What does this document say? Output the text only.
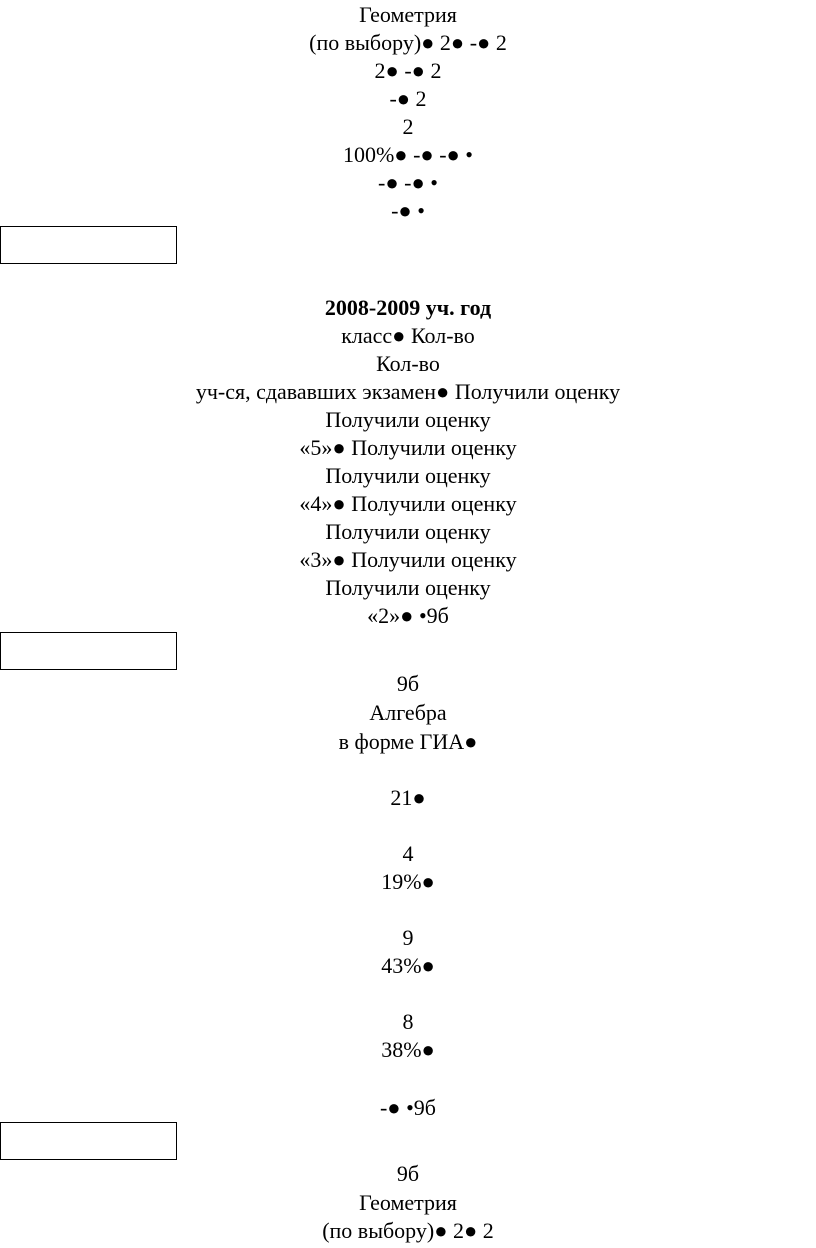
Геометрия
(по выбору)● 2● -● 2
2● -● 2
-● 2
2
100%● -● -● •
-● -● •
-● •
2008-2009 уч. год
класс● Кол-во
Кол-во
уч-ся, сдававших экзамен● Получили оценку
Получили оценку
«5»● Получили оценку
Получили оценку
«4»● Получили оценку
Получили оценку
«3»● Получили оценку
Получили оценку
«2»● •9б
9б
Алгебра
в форме ГИА●
21●
4
19%●
9
43%●
8
38%●
-● •9б
9б
Геометрия
(по выбору)● 2● 2
